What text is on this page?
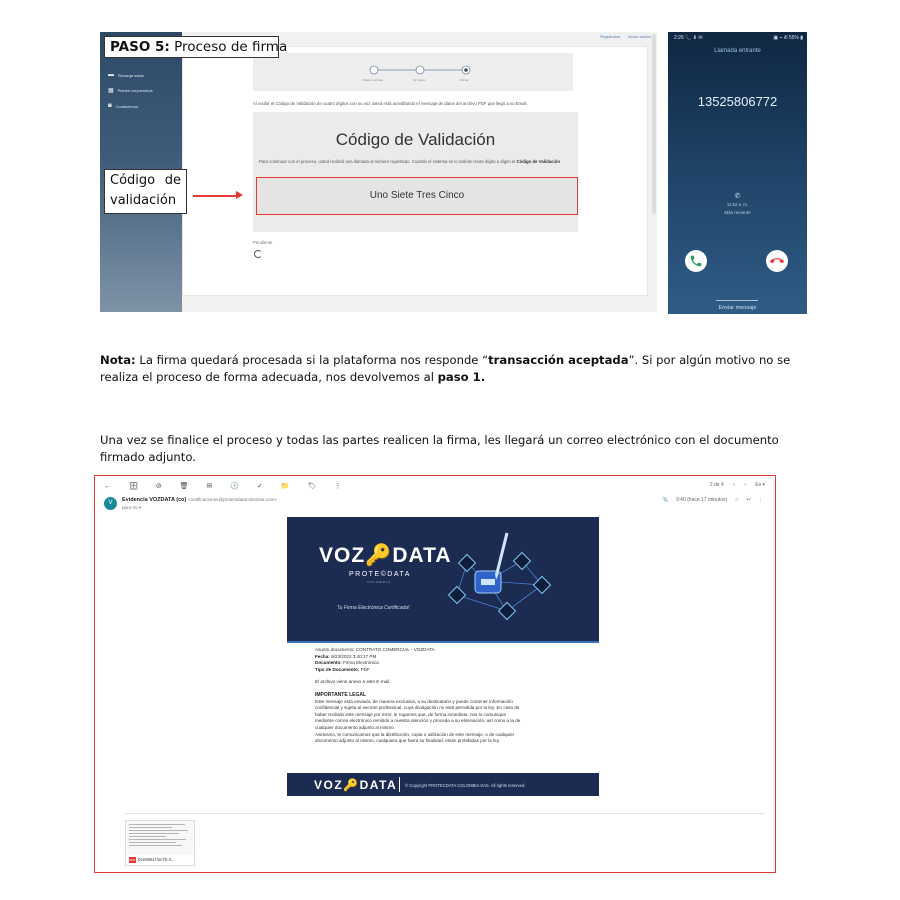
▬ Recarga saldo
▦ Planes corporativos
◙ Contáctenos
Registrarse Iniciar sesión
Datos Contrato	Sin datos	Firmar
Al recibir el Código de Validación de cuatro dígitos con su voz usted está acreditando el mensaje de datos del archivo PDF que llegó a su Email.
Código de Validación
Para continuar con el proceso, usted recibirá una llamada al número registrado. Cuando el sistema se lo solicite recite dígito a dígito el Código de Validación
Uno Siete Tres Cinco
Pendiente
PASO 5: Proceso de firma
Código de
validación
2:26 📞 ⬇ ✉	▣ ⌁ ıll 55% ▮
Llamada entrante
13525806772
✆
11:52 a. m.
Más reciente
Enviar mensaje
Nota: La firma quedará procesada si la plataforma nos responde “transacción aceptada”. Si por algún motivo no se realiza el proceso de forma adecuada, nos devolvemos al paso 1.
Una vez se finalice el proceso y todas las partes realicen la firma, les llegará un correo electrónico con el documento firmado adjunto.
←	🗄	⊘	🗑	✉	🕓	✓	📁	🏷	⋮	2 de 4 ‹ › Es ▾
V	Evidencia VOZDATA (co) <notificaciones@protectdatacolombia.com>
para Yo ▾
📎 9:40 (hace 17 minutos) ☆ ↩ ⋮
VOZ🔑DATA
PROTE©DATA
COLOMBIA
Tu Firma Electrónica Certificada!
Asunto documento: CONTRATO COMERCIAL - VOZDATA
Fecha: 9/23/2022 3:40:17 PM
Documento: Firma Electrónica
Tipo de Documento: PDF
El archivo viene anexo a este E-mail.
IMPORTANTE LEGAL
Este mensaje está enviado, de manera exclusiva, a su destinatario y puede contener información
confidencial y sujeta al secreto profesional, cuya divulgación no está permitida por la ley. En caso de
haber recibido este mensaje por error, le rogamos que, de forma inmediata, nos lo comunique
mediante correo electrónico remitido a nuestra atención y proceda a su eliminación, así como a la de
cualquier documento adjunto al mismo.
Asimismo, le comunicamos que la distribución, copia o utilización de este mensaje, o de cualquier
documento adjunto al mismo, cualquiera que fuera su finalidad, están prohibidas por la ley.
VOZ🔑DATA © Copyright PROTECDATA COLOMBIA SAS. All rights reserved.
0ce0551f-bc7b-4...
PDF
